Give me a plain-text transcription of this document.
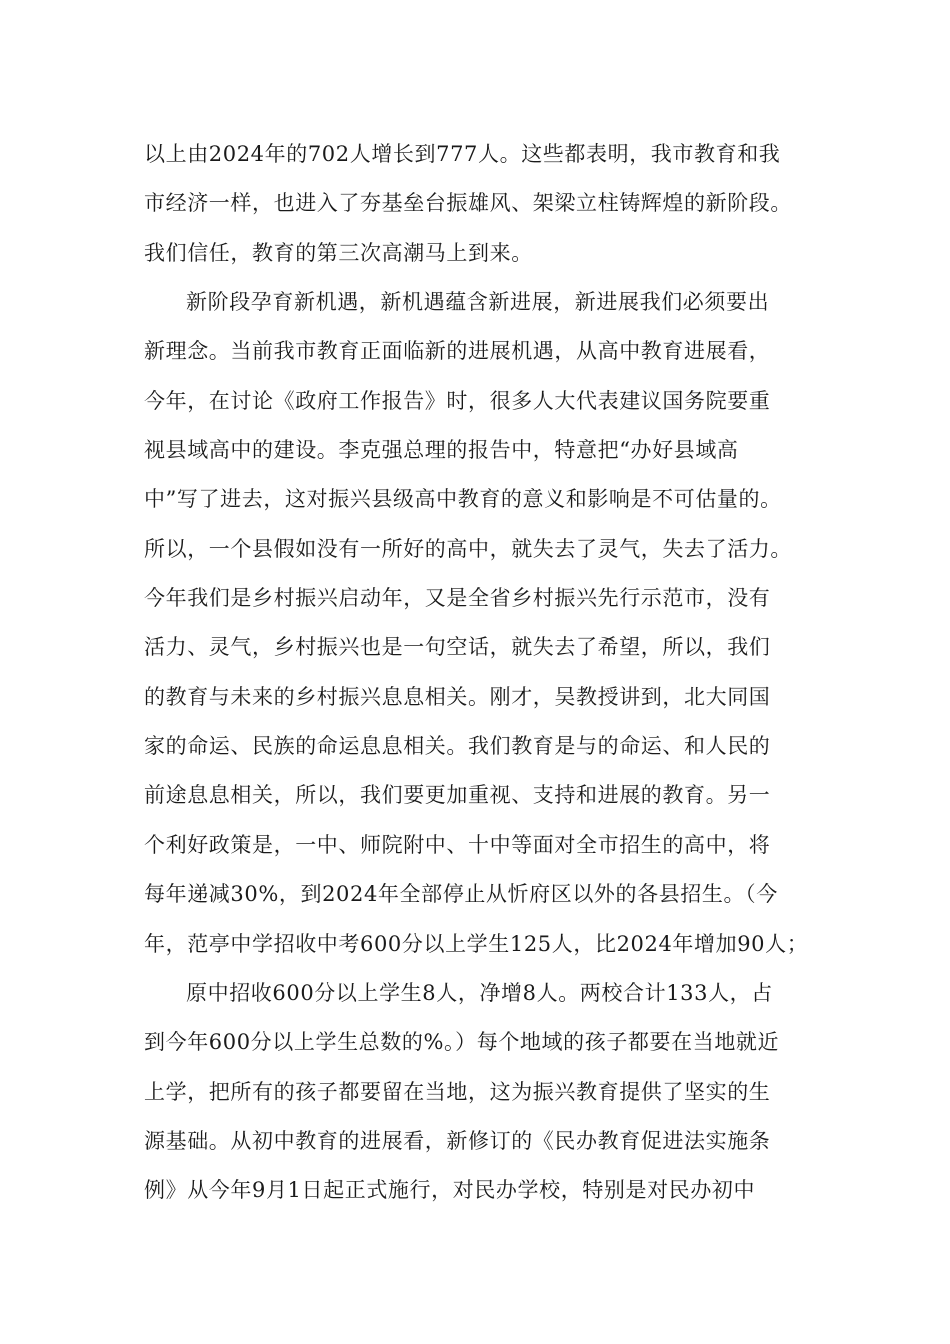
以上由2024年的702人增长到777人。这些都表明，我市教育和我
市经济一样，也进入了夯基垒台振雄风、架梁立柱铸辉煌的新阶段。
我们信任，教育的第三次高潮马上到来。
新阶段孕育新机遇，新机遇蕴含新进展，新进展我们必须要出
新理念。当前我市教育正面临新的进展机遇，从高中教育进展看，
今年，在讨论《政府工作报告》时，很多人大代表建议国务院要重
视县域高中的建设。李克强总理的报告中，特意把“办好县域高
中”写了进去，这对振兴县级高中教育的意义和影响是不可估量的。
所以，一个县假如没有一所好的高中，就失去了灵气，失去了活力。
今年我们是乡村振兴启动年，又是全省乡村振兴先行示范市，没有
活力、灵气，乡村振兴也是一句空话，就失去了希望，所以，我们
的教育与未来的乡村振兴息息相关。刚才，吴教授讲到，北大同国
家的命运、民族的命运息息相关。我们教育是与的命运、和人民的
前途息息相关，所以，我们要更加重视、支持和进展的教育。另一
个利好政策是，一中、师院附中、十中等面对全市招生的高中，将
每年递减30%，到2024年全部停止从忻府区以外的各县招生。（今
年，范亭中学招收中考600分以上学生125人，比2024年增加90人；
原中招收600分以上学生8人，净增8人。两校合计133人，占
到今年600分以上学生总数的%。）每个地域的孩子都要在当地就近
上学，把所有的孩子都要留在当地，这为振兴教育提供了坚实的生
源基础。从初中教育的进展看，新修订的《民办教育促进法实施条
例》从今年9月1日起正式施行，对民办学校，特别是对民办初中
